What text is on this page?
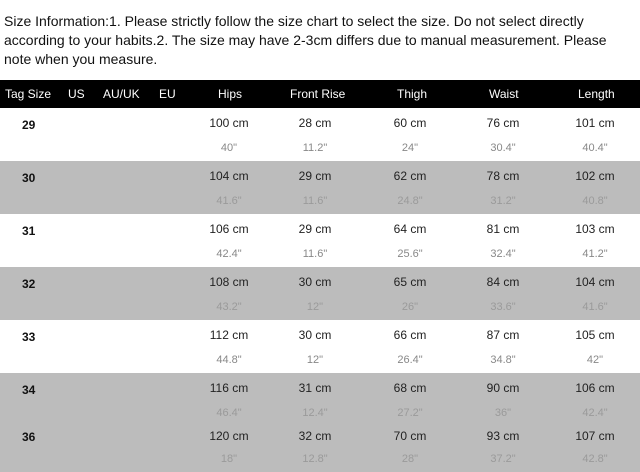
Size Information:1. Please strictly follow the size chart to select the size. Do not select directly according to your habits.2. The size may have 2-3cm differs due to manual measurement. Please note when you measure.
Tag Size US AU/UK EU	Hips	Front Rise	Thigh	Waist	Length
29	100 cm	28 cm	60 cm	76 cm	101 cm
40"	11.2"	24"	30.4"	40.4"
30	104 cm	29 cm	62 cm	78 cm	102 cm
41.6"	11.6"	24.8"	31.2"	40.8"
31	106 cm	29 cm	64 cm	81 cm	103 cm
42.4"	11.6"	25.6"	32.4"	41.2"
32	108 cm	30 cm	65 cm	84 cm	104 cm
43.2"	12"	26"	33.6"	41.6"
33	112 cm	30 cm	66 cm	87 cm	105 cm
44.8"	12"	26.4"	34.8"	42"
34	116 cm	31 cm	68 cm	90 cm	106 cm
46.4"	12.4"	27.2"	36"	42.4"
36	120 cm	32 cm	70 cm	93 cm	107 cm
18"	12.8"	28"	37.2"	42.8"
